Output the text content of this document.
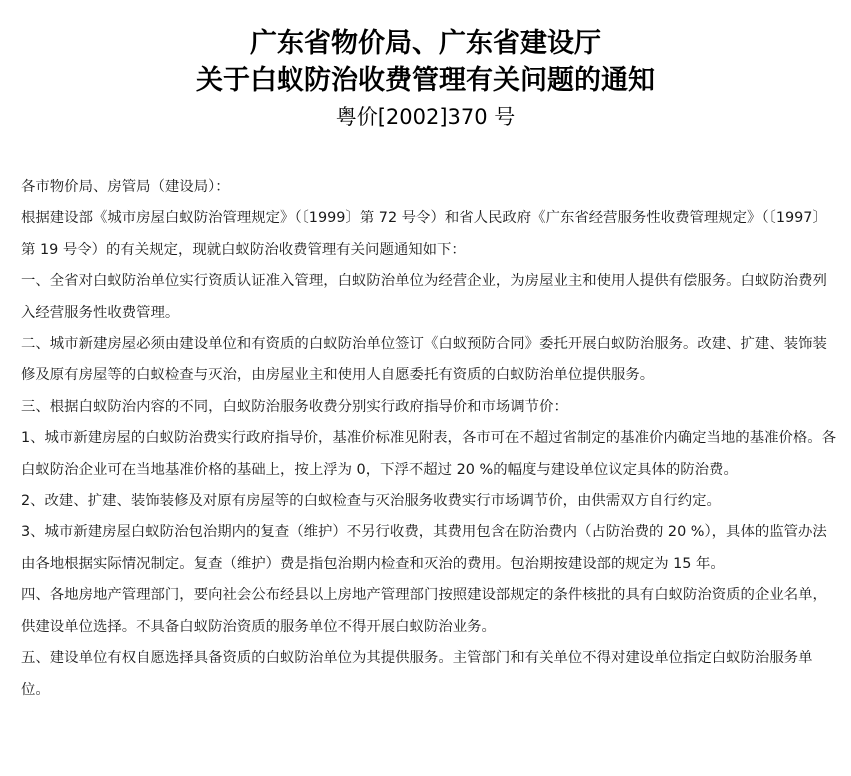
广东省物价局、广东省建设厅
关于白蚁防治收费管理有关问题的通知
粤价[2002]370 号

各市物价局、房管局（建设局）：

根据建设部《城市房屋白蚁防治管理规定》（〔1999〕第 72 号令）和省人民政府《广东省经营服务性收费管理规定》（〔1997〕第 19 号令）的有关规定，现就白蚁防治收费管理有关问题通知如下：

一、全省对白蚁防治单位实行资质认证准入管理，白蚁防治单位为经营企业，为房屋业主和使用人提供有偿服务。白蚁防治费列入经营服务性收费管理。

二、城市新建房屋必须由建设单位和有资质的白蚁防治单位签订《白蚁预防合同》委托开展白蚁防治服务。改建、扩建、装饰装修及原有房屋等的白蚁检查与灭治，由房屋业主和使用人自愿委托有资质的白蚁防治单位提供服务。

三、根据白蚁防治内容的不同，白蚁防治服务收费分别实行政府指导价和市场调节价：

1、城市新建房屋的白蚁防治费实行政府指导价，基准价标准见附表，各市可在不超过省制定的基准价内确定当地的基准价格。各白蚁防治企业可在当地基准价格的基础上，按上浮为 0，下浮不超过 20 %的幅度与建设单位议定具体的防治费。

2、改建、扩建、装饰装修及对原有房屋等的白蚁检查与灭治服务收费实行市场调节价，由供需双方自行约定。

3、城市新建房屋白蚁防治包治期内的复查（维护）不另行收费，其费用包含在防治费内（占防治费的 20 %），具体的监管办法由各地根据实际情况制定。复查（维护）费是指包治期内检查和灭治的费用。包治期按建设部的规定为 15 年。

四、各地房地产管理部门，要向社会公布经县以上房地产管理部门按照建设部规定的条件核批的具有白蚁防治资质的企业名单，供建设单位选择。不具备白蚁防治资质的服务单位不得开展白蚁防治业务。

五、建设单位有权自愿选择具备资质的白蚁防治单位为其提供服务。主管部门和有关单位不得对建设单位指定白蚁防治服务单位。
